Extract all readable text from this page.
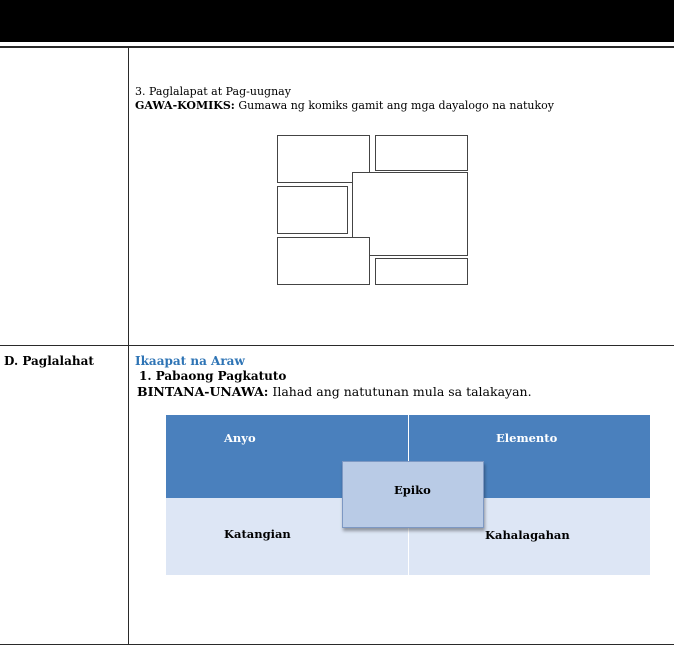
3. Paglalapat at Pag-uugnay
GAWA-KOMIKS: Gumawa ng komiks gamit ang mga dayalogo na natukoy
D. Paglalahat	Ikaapat na Araw
1. Pabaong Pagkatuto
BINTANA-UNAWA: Ilahad ang natutunan mula sa talakayan.
Anyo	Elemento
Katangian	Kahalagahan
Epiko
